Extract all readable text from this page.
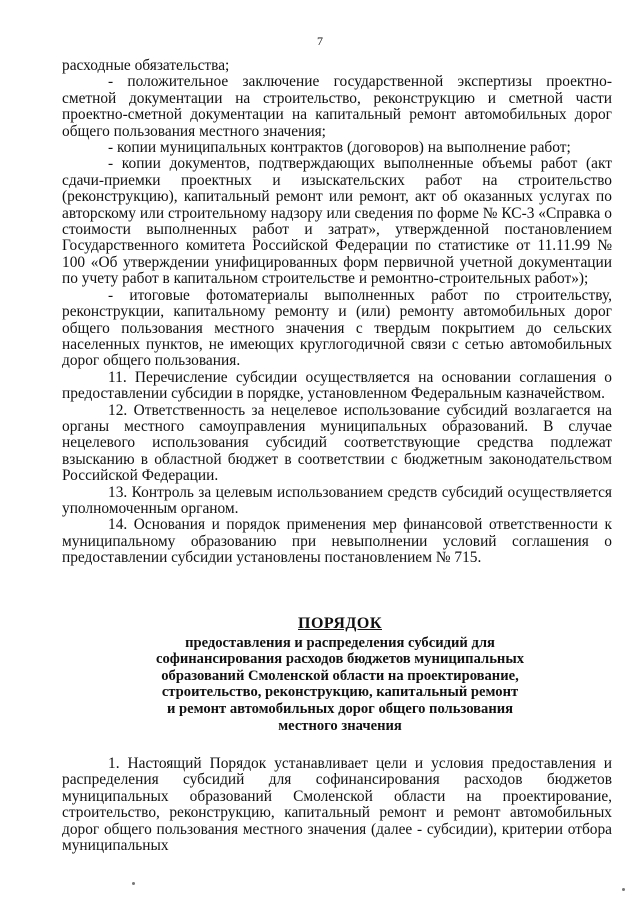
7

расходные обязательства;

- положительное заключение государственной экспертизы проектно-сметной документации на строительство, реконструкцию и сметной части проектно-сметной документации на капитальный ремонт автомобильных дорог общего пользования местного значения;

- копии муниципальных контрактов (договоров) на выполнение работ;

- копии документов, подтверждающих выполненные объемы работ (акт сдачи-приемки проектных и изыскательских работ на строительство (реконструкцию), капитальный ремонт или ремонт, акт об оказанных услугах по авторскому или строительному надзору или сведения по форме № КС-3 «Справка о стоимости выполненных работ и затрат», утвержденной постановлением Государственного комитета Российской Федерации по статистике от 11.11.99 № 100 «Об утверждении унифицированных форм первичной учетной документации по учету работ в капитальном строительстве и ремонтно-строительных работ»);

- итоговые фотоматериалы выполненных работ по строительству, реконструкции, капитальному ремонту и (или) ремонту автомобильных дорог общего пользования местного значения с твердым покрытием до сельских населенных пунктов, не имеющих круглогодичной связи с сетью автомобильных дорог общего пользования.

11. Перечисление субсидии осуществляется на основании соглашения о предоставлении субсидии в порядке, установленном Федеральным казначейством.

12. Ответственность за нецелевое использование субсидий возлагается на органы местного самоуправления муниципальных образований. В случае нецелевого использования субсидий соответствующие средства подлежат взысканию в областной бюджет в соответствии с бюджетным законодательством Российской Федерации.

13. Контроль за целевым использованием средств субсидий осуществляется уполномоченным органом.

14. Основания и порядок применения мер финансовой ответственности к муниципальному образованию при невыполнении условий соглашения о предоставлении субсидии установлены постановлением № 715.

ПОРЯДОК
предоставления и распределения субсидий для
софинансирования расходов бюджетов муниципальных
образований Смоленской области на проектирование,
строительство, реконструкцию, капитальный ремонт
и ремонт автомобильных дорог общего пользования
местного значения

1. Настоящий Порядок устанавливает цели и условия предоставления и распределения субсидий для софинансирования расходов бюджетов муниципальных образований Смоленской области на проектирование, строительство, реконструкцию, капитальный ремонт и ремонт автомобильных дорог общего пользования местного значения (далее - субсидии), критерии отбора муниципальных
